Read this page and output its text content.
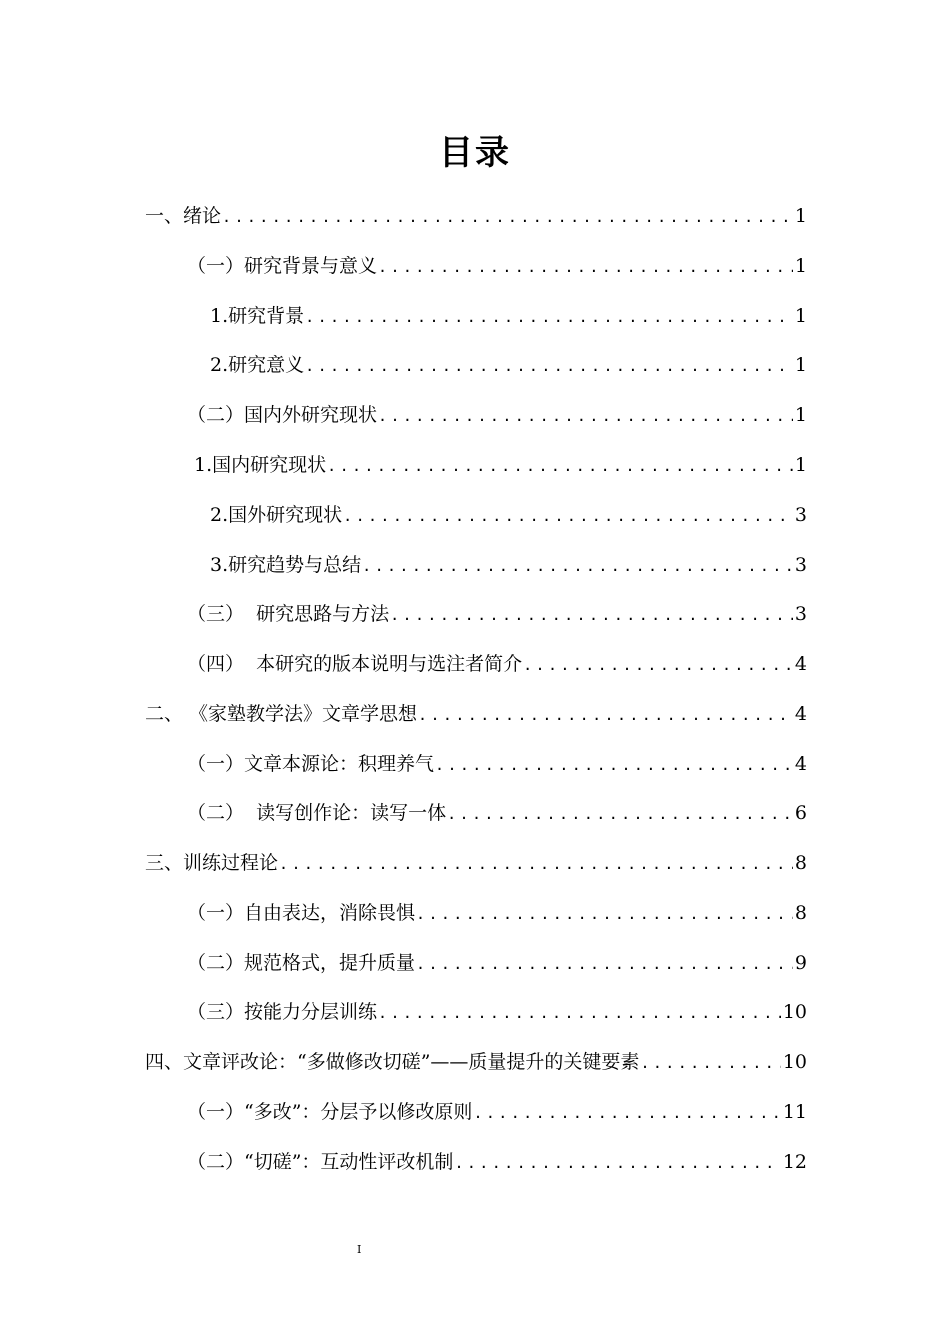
目录
一、绪论 .....	1
（一）研究背景与意义 .....	1
1.研究背景 .....	1
2.研究意义 .....	1
（二）国内外研究现状 .....	1
1.国内研究现状 .....	1
2.国外研究现状 .....	3
3.研究趋势与总结 .....	3
（三）  研究思路与方法 .....	3
（四）  本研究的版本说明与选注者简介 .....	4
二、 《家塾教学法》文章学思想 .....	4
（一）文章本源论：积理养气 .....	4
（二）  读写创作论：读写一体 .....	6
三、训练过程论 .....	8
（一）自由表达，消除畏惧 .....	8
（二）规范格式，提升质量 .....	9
（三）按能力分层训练 .....	10
四、文章评改论：“多做修改切磋”——质量提升的关键要素 .....	10
（一）“多改”：分层予以修改原则 .....	11
（二）“切磋”：互动性评改机制 .....	12
I
